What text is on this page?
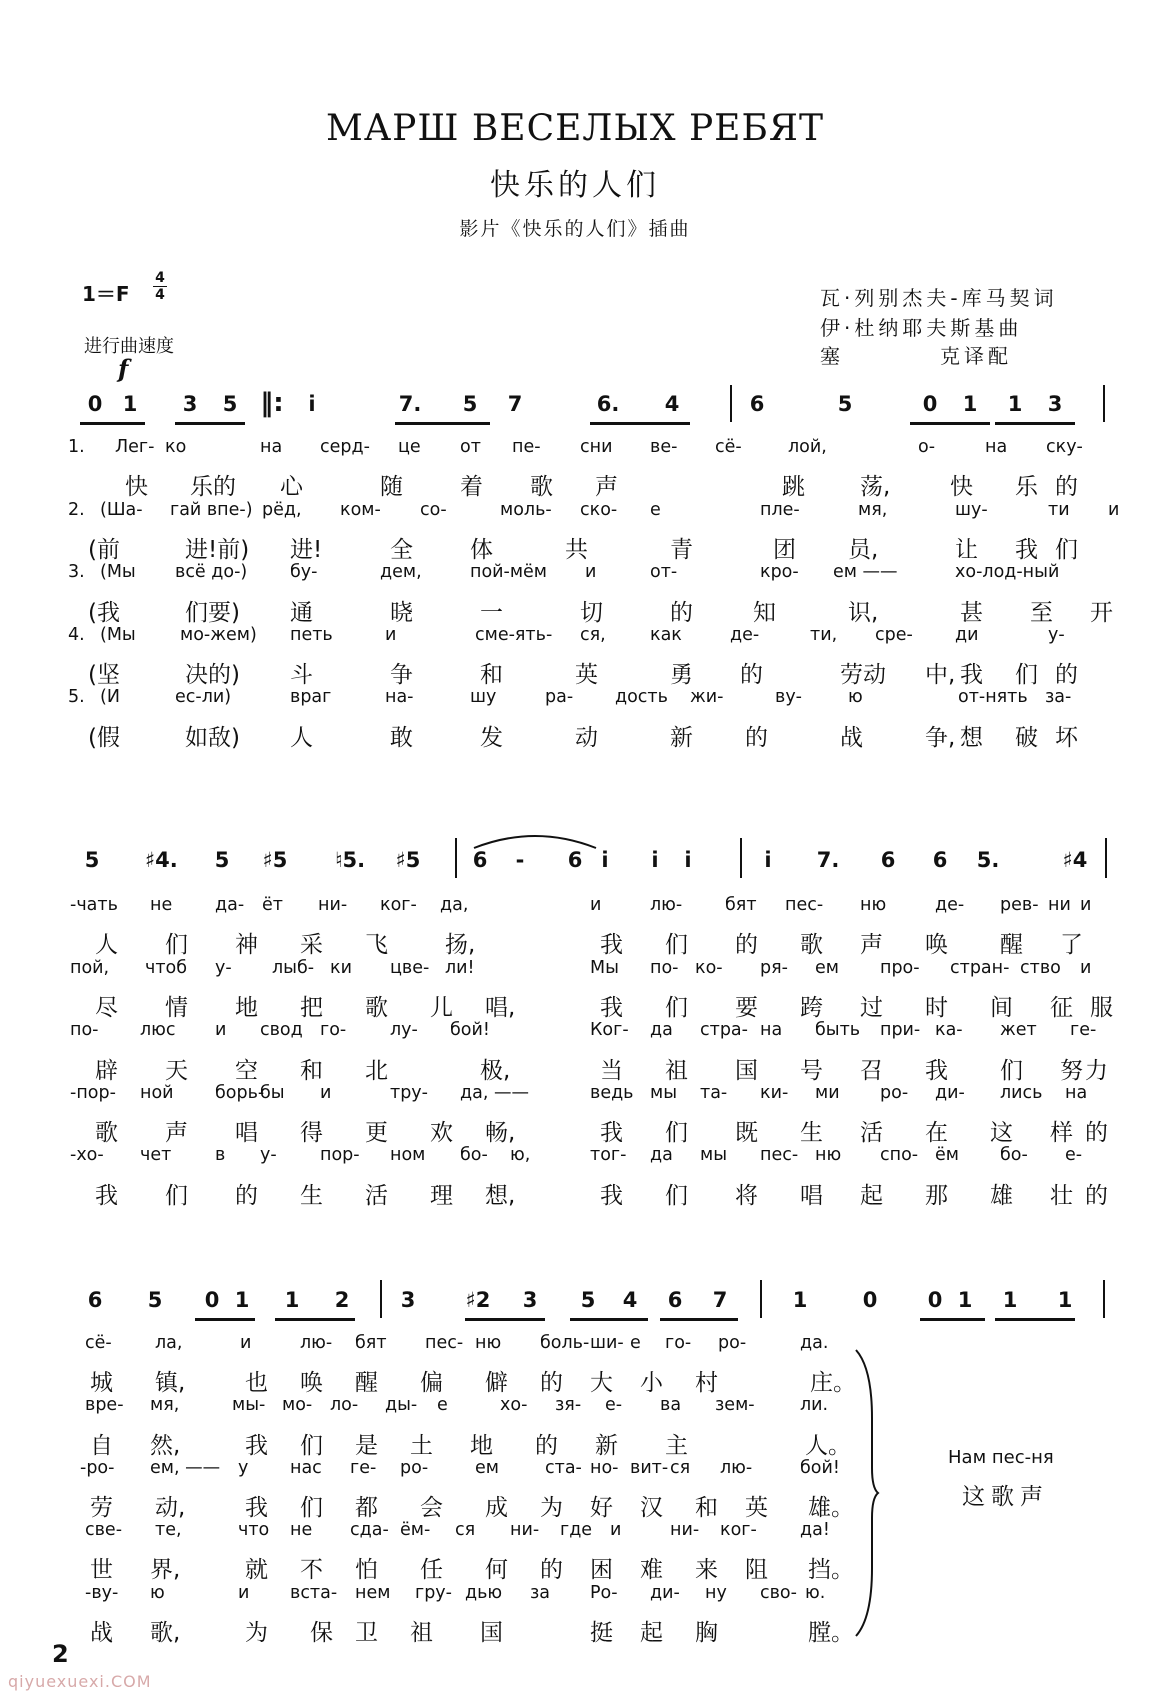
МАРШ ВЕСЕЛЫХ РЕБЯТ
快乐的人们
影片《快乐的人们》插曲
1＝F
4
4
进行曲速度
瓦·列别杰夫-库马契词
伊·杜纳耶夫斯基曲
塞　　　　克译配
f
0 1	3	5 ‖:	i	7.	5	7	6.	4	6	5	0	1	1	3
1. Лег- ко	на серд- це от пе- сни ве- сё-	лой,	о-	на ску-
快 乐的 心	随 着 歌 声	跳 荡,	快 乐 的
2. (Ша- гай впе-) рёд, ком- со-	моль- ско- е	пле-	мя,	шу-	ти и
(前	进!前) 进!	全 体	共	青	团 员,	让 我 们
3. (Мы всё до-) бу-	дем,	пой-мём и	от-	кро- ем ——	хо-лод-ный
(我	们要) 通	晓	一	切	的	知	识,	甚 至 开
4. (Мы	мо-жем) петь	и	сме-ять- ся,	как	де-	ти, сре- ди	у-
(坚	决的) 斗	争	和	英	勇 的	劳动 中, 我 们 的
5. (И	ес-ли)	враг	на-	шу	ра- дость жи-	ву-	ю	от-нять за-
(假	如敌) 人	敢	发	动	新 的	战	争, 想 破 坏
5	♯4.	5	♯5 ♮5. ♯5	6	-	6 i	i	i	i	7.	6	6	5.	♯4
-чать не да- ёт ни- ког- да,	и	лю- бят пес- ню	де- рев- ни и
人 们 神 采 飞 扬,	我 们 的 歌 声 唤 醒 了
пой, чтоб у- лыб- ки цве- ли!	Мы по- ко- ря- ем про- стран- ство и
尽 情 地 把 歌 儿 唱,	我 们 要 跨 过 时 间 征 服
по- люс и свод го-	лу- бой!	Ког- да стра- на быть при- ка- жет ге-
辟 天 空 和 北	极,	当 祖 国 号 召 我 们 努 力
-пор- ной борь-
бы и	тру- да, ——	ведь мы та- ки- ми ро- ди- лись на
歌 声 唱 得 更 欢 畅,	我 们 既 生 活 在 这 样 的
-хо- чет в у- пор- ном бо- ю,	тог- да мы пес- ню спо- ём бо- е-
我 们 的 生 活 理 想,	我 们 将 唱 起 那 雄 壮 的
6	5	0 1	1	2	3	♯2	3	5	4	6	7	1	0	0 1	1	1
сё- ла,	и	лю- бят пес- ню боль- ши- е го- ро-	да.
城 镇,	也 唤 醒 偏 僻 的 大 小 村	庄。
вре- мя,	мы- мо- ло- ды- е	хо- зя- е- ва зем-	ли.
自 然,	我 们 是 土 地 的 新 主	人。
-ро- ем, —— у нас ге- ро-	ем	ста- но- вит- ся лю-	бой!
劳 动,	我 们 都 会 成 为 好 汉 和 英 雄。
све- те,	что не сда- ём- ся ни- где и	ни- ког- да!
世 界,	就 不 怕 任 何 的 困 难 来 阻 挡。
-ву- ю	и вста- нем гру- дью за Ро- ди- ну сво- ю.
战 歌,	为 保 卫 祖 国	挺 起 胸	膛。
Нам пес-ня
这歌声
2
qiyuexuexi.COM
